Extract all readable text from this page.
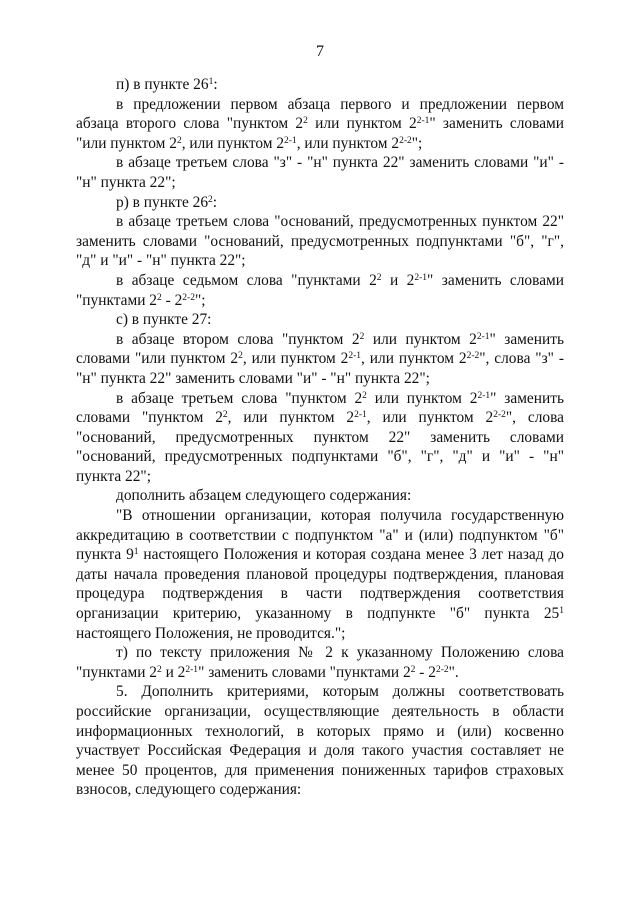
7

п) в пункте $26^1$:

в предложении первом абзаца первого и предложении первом абзаца второго слова "пунктом $2^2$ или пунктом 2$^{2-1}$" заменить словами "или пунктом $2^2$, или пунктом 2$^{2-1}$, или пунктом 2$^{2-2}$";

в абзаце третьем слова "з" - "н" пункта 22" заменить словами "и" - "н" пункта 22";

р) в пункте $26^2$:

в абзаце третьем слова "оснований, предусмотренных пунктом 22" заменить словами "оснований, предусмотренных подпунктами "б", "г", "д" и "и" - "н" пункта 22";

в абзаце седьмом слова "пунктами $2^2$ и 2$^{2-1}$" заменить словами "пунктами $2^2 - 2^{2-2}$";

с) в пункте 27:

в абзаце втором слова "пунктом $2^2$ или пунктом 2$^{2-1}$" заменить словами "или пунктом $2^2$, или пунктом 2$^{2-1}$, или пунктом 2$^{2-2}$", слова "з" - "н" пункта 22" заменить словами "и" - "н" пункта 22";

в абзаце третьем слова "пунктом $2^2$ или пунктом 2$^{2-1}$" заменить словами "пунктом $2^2$, или пунктом 2$^{2-1}$, или пунктом 2$^{2-2}$", слова "оснований, предусмотренных пунктом 22" заменить словами "оснований, предусмотренных подпунктами "б", "г", "д" и "и" - "н" пункта 22";

дополнить абзацем следующего содержания:

"В отношении организации, которая получила государственную аккредитацию в соответствии с подпунктом "а" и (или) подпунктом "б" пункта $9^1$ настоящего Положения и которая создана менее 3 лет назад до даты начала проведения плановой процедуры подтверждения, плановая процедура подтверждения в части подтверждения соответствия организации критерию, указанному в подпункте "б" пункта $25^1$ настоящего Положения, не проводится.";

т) по тексту приложения № 2 к указанному Положению слова "пунктами $2^2$ и 2$^{2-1}$" заменить словами "пунктами $2^2 - 2^{2-2}$".

5. Дополнить критериями, которым должны соответствовать российские организации, осуществляющие деятельность в области информационных технологий, в которых прямо и (или) косвенно участвует Российская Федерация и доля такого участия составляет не менее 50 процентов, для применения пониженных тарифов страховых взносов, следующего содержания:
